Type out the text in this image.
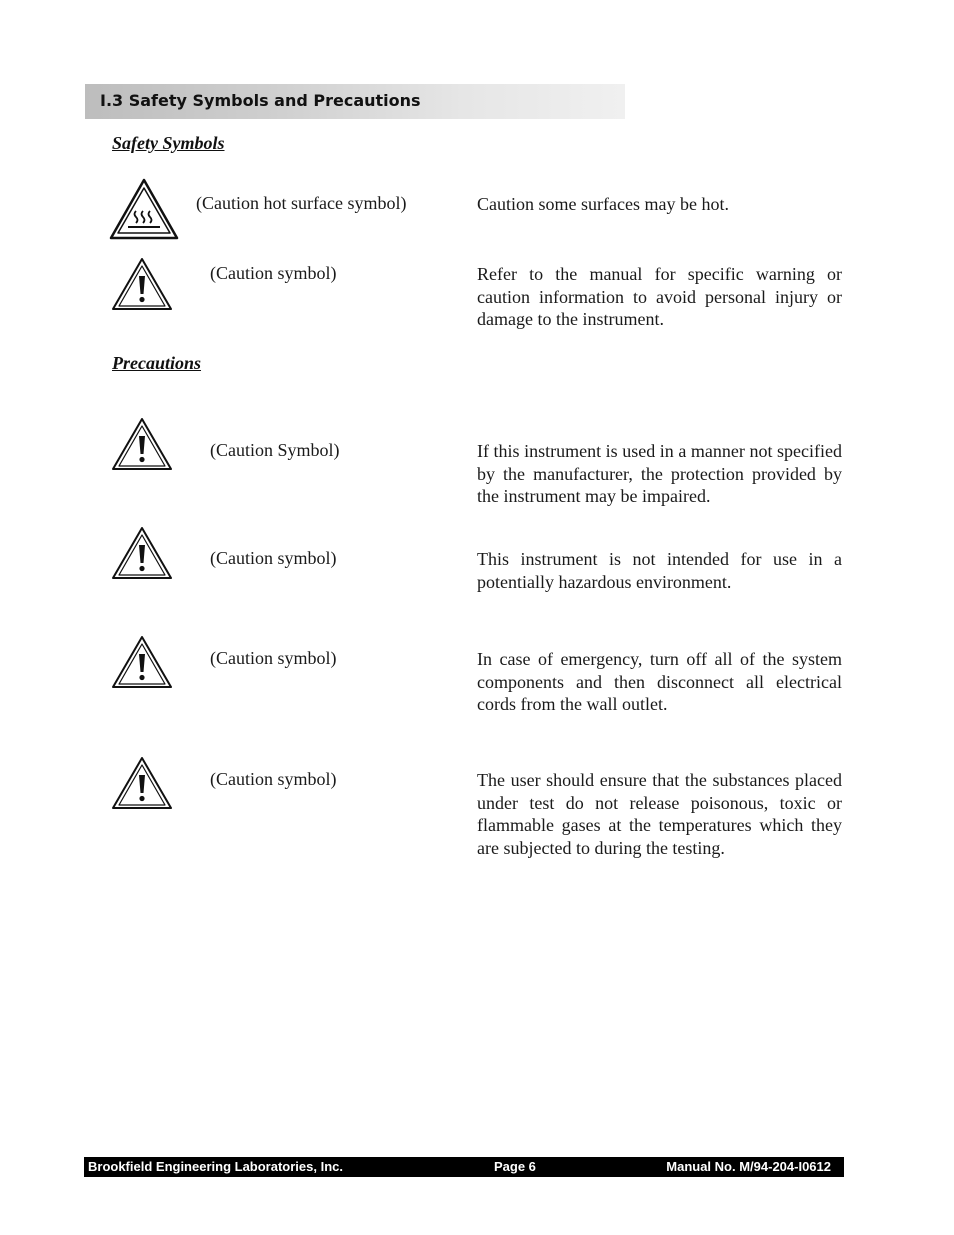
I.3 Safety Symbols and Precautions
Safety Symbols
(Caution hot surface symbol)	Caution some surfaces may be hot.
(Caution symbol)	Refer to the manual for specific warning or caution information to avoid personal injury or damage to the instrument.
Precautions
(Caution Symbol)	If this instrument is used in a manner not specified by the manufacturer, the protection provided by the instrument may be impaired.
(Caution symbol)	This instrument is not intended for use in a potentially hazardous environment.
(Caution symbol)	In case of emergency, turn off all of the system components and then disconnect all electrical cords from the wall outlet.
(Caution symbol)	The user should ensure that the substances placed under test do not release poisonous, toxic or flammable gases at the temperatures which they are subjected to during the testing.
Brookfield Engineering Laboratories, Inc.	Page 6	Manual No. M/94-204-I0612
